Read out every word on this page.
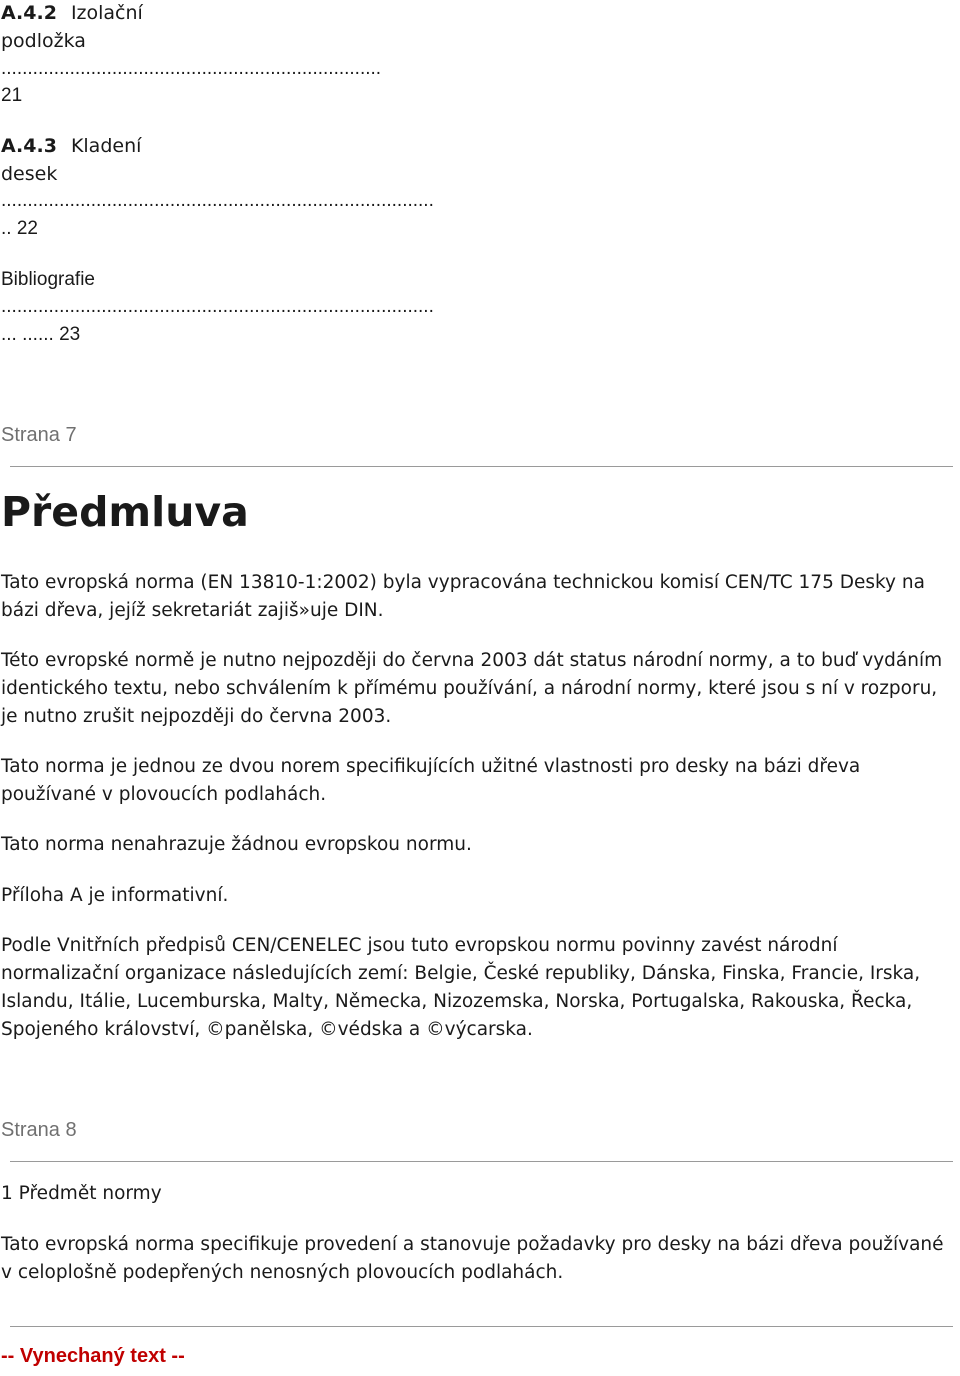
A.4.2 Izolační
podložka
........................................................................
21
A.4.3 Kladení
desek
..................................................................................
.. 22
Bibliografie
..................................................................................
... ...... 23
Strana 7
Předmluva

Tato evropská norma (EN 13810-1:2002) byla vypracována technickou komisí CEN/TC 175 Desky na bázi dřeva, jejíž sekretariát zajiš»uje DIN.

Této evropské normě je nutno nejpozději do června 2003 dát status národní normy, a to buď vydáním identického textu, nebo schválením k přímému používání, a národní normy, které jsou s ní v rozporu, je nutno zrušit nejpozději do června 2003.

Tato norma je jednou ze dvou norem specifikujících užitné vlastnosti pro desky na bázi dřeva používané v plovoucích podlahách.

Tato norma nenahrazuje žádnou evropskou normu.

Příloha A je informativní.

Podle Vnitřních předpisů CEN/CENELEC jsou tuto evropskou normu povinny zavést národní normalizační organizace následujících zemí: Belgie, České republiky, Dánska, Finska, Francie, Irska, Islandu, Itálie, Lucemburska, Malty, Německa, Nizozemska, Norska, Portugalska, Rakouska, Řecka, Spojeného království, ©panělska, ©védska a ©výcarska.

Strana 8
1 Předmět normy

Tato evropská norma specifikuje provedení a stanovuje požadavky pro desky na bázi dřeva používané v celoplošně podepřených nenosných plovoucích podlahách.

-- Vynechaný text --
